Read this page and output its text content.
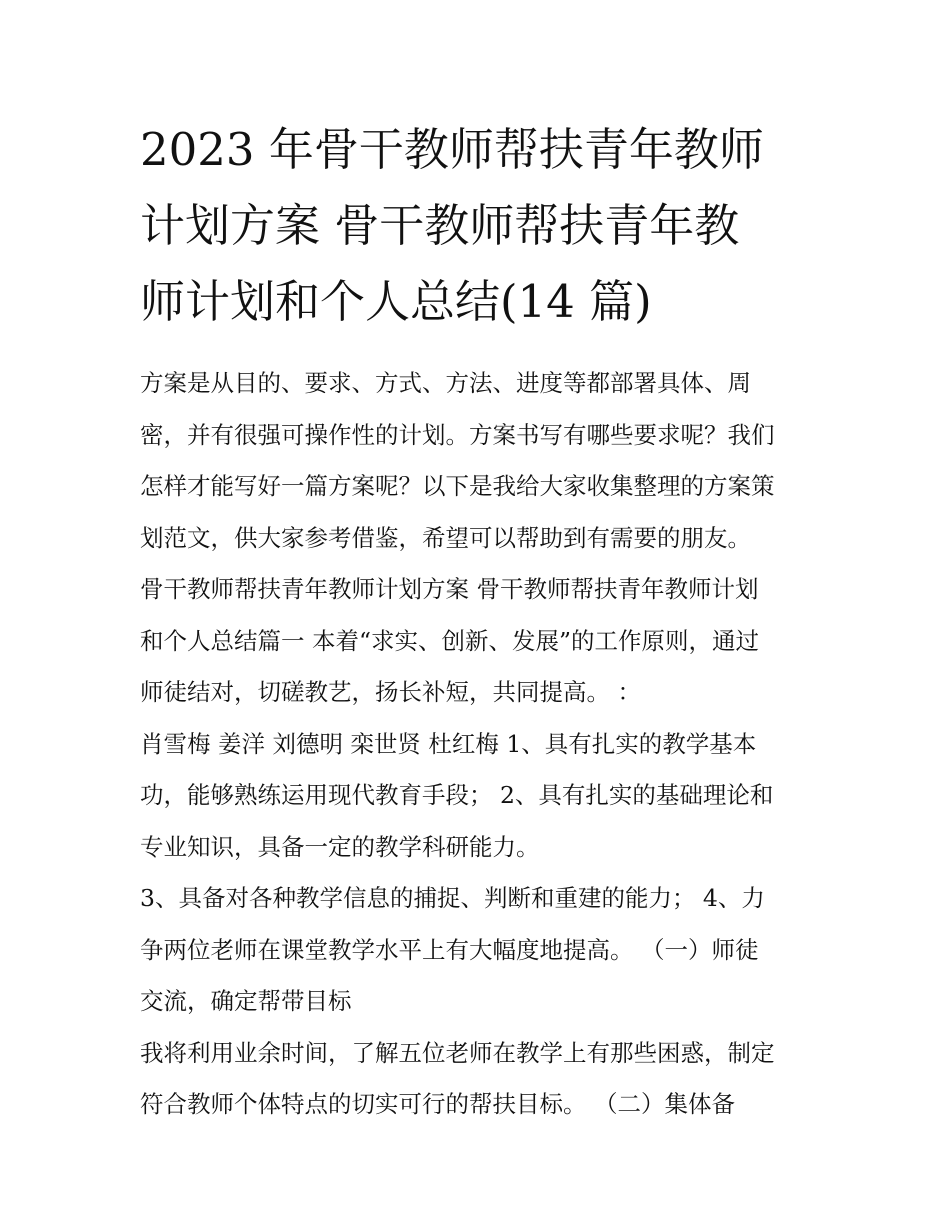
2023 年骨干教师帮扶青年教师
计划方案 骨干教师帮扶青年教
师计划和个人总结(14 篇)

方案是从目的、要求、方式、方法、进度等都部署具体、周

密，并有很强可操作性的计划。方案书写有哪些要求呢？我们

怎样才能写好一篇方案呢？以下是我给大家收集整理的方案策

划范文，供大家参考借鉴，希望可以帮助到有需要的朋友。

骨干教师帮扶青年教师计划方案 骨干教师帮扶青年教师计划

和个人总结篇一 本着“求实、创新、发展”的工作原则，通过

师徒结对，切磋教艺，扬长补短，共同提高。 ：

肖雪梅 姜洋 刘德明 栾世贤 杜红梅 1、具有扎实的教学基本

功，能够熟练运用现代教育手段； 2、具有扎实的基础理论和

专业知识，具备一定的教学科研能力。

3、具备对各种教学信息的捕捉、判断和重建的能力； 4、力

争两位老师在课堂教学水平上有大幅度地提高。 （一）师徒

交流，确定帮带目标

我将利用业余时间，了解五位老师在教学上有那些困惑，制定

符合教师个体特点的切实可行的帮扶目标。 （二）集体备
